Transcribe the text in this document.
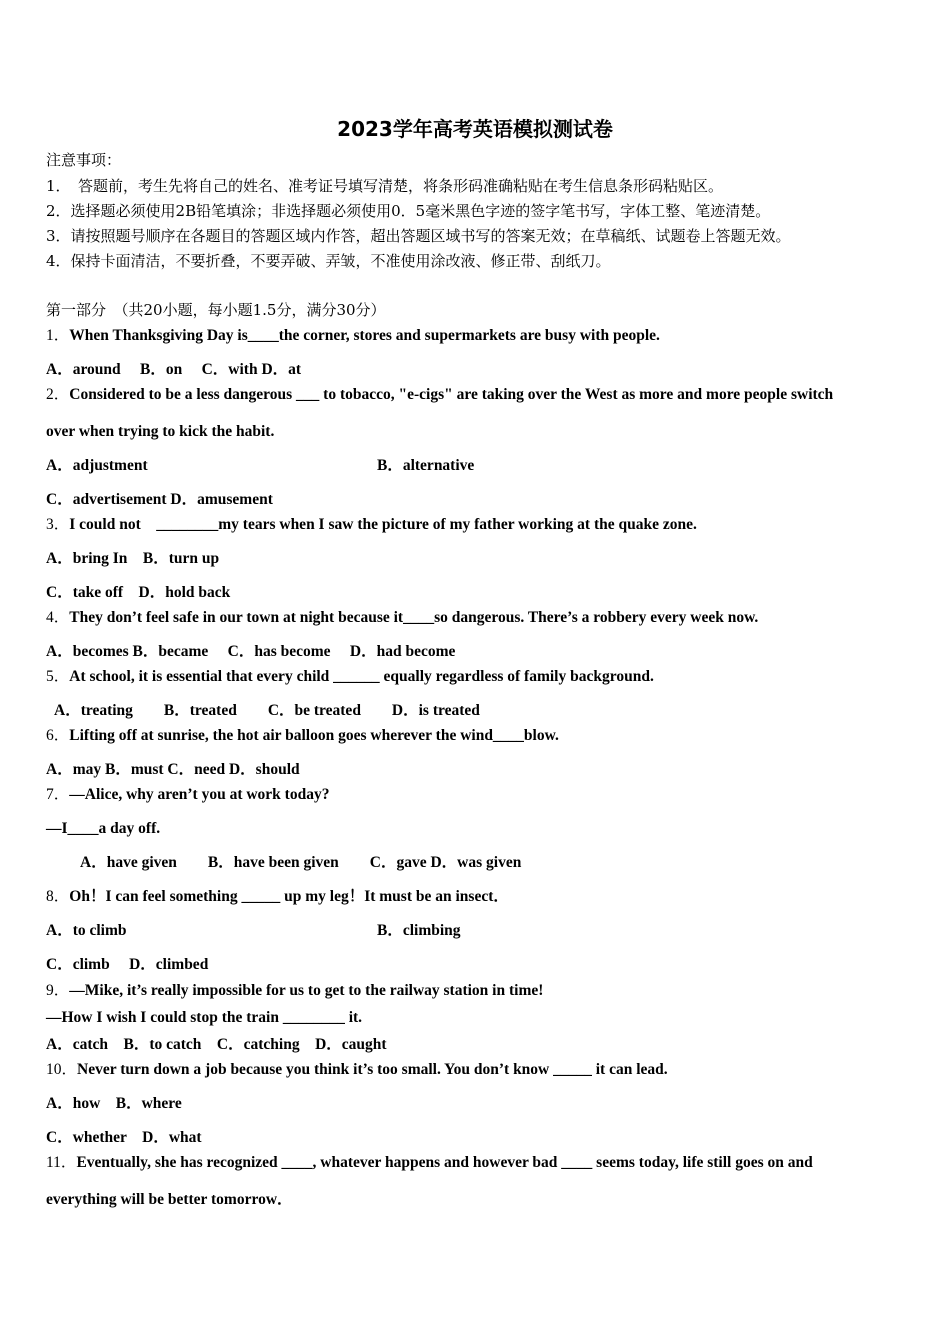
2023学年高考英语模拟测试卷
注意事项：
1．　答题前，考生先将自己的姓名、准考证号填写清楚，将条形码准确粘贴在考生信息条形码粘贴区。
2．选择题必须使用2B铅笔填涂；非选择题必须使用0．5毫米黑色字迹的签字笔书写，字体工整、笔迹清楚。
3．请按照题号顺序在各题目的答题区域内作答，超出答题区域书写的答案无效；在草稿纸、试题卷上答题无效。
4．保持卡面清洁，不要折叠，不要弄破、弄皱，不准使用涂改液、修正带、刮纸刀。
第一部分　（共20小题，每小题1.5分，满分30分）
1．When Thanksgiving Day is____the corner, stores and supermarkets are busy with people.
A．around　 B．on　 C．with D．at
2．Considered to be a less dangerous ___ to tobacco, "e-cigs" are taking over the West as more and more people switch
over when trying to kick the habit.
A．adjustment	B．alternative
C．advertisement D．amusement
3．I could not　________my tears when I saw the picture of my father working at the quake zone.
A．bring In　B．turn up
C．take off　D．hold back
4．They don’t feel safe in our town at night because it____so dangerous. There’s a robbery every week now.
A．becomes B．became　 C．has become　 D．had become
5．At school, it is essential that every child ______ equally regardless of family background.
A．treating　　B．treated　　C．be treated　　D．is treated
6．Lifting off at sunrise, the hot air balloon goes wherever the wind____blow.
A．may B．must C．need D．should
7．—Alice, why aren’t you at work today?
—I____a day off.
A．have given　　B．have been given　　C．gave D．was given
8．Oh！I can feel something _____ up my leg！It must be an insect．
A．to climb	B．climbing
C．climb　 D．climbed
9．—Mike, it’s really impossible for us to get to the railway station in time!
—How I wish I could stop the train ________ it.
A．catch　B．to catch　C．catching　D．caught
10．Never turn down a job because you think it’s too small. You don’t know _____ it can lead.
A．how　B．where
C．whether　D．what
11．Eventually, she has recognized ____, whatever happens and however bad ____ seems today, life still goes on and
everything will be better tomorrow．
